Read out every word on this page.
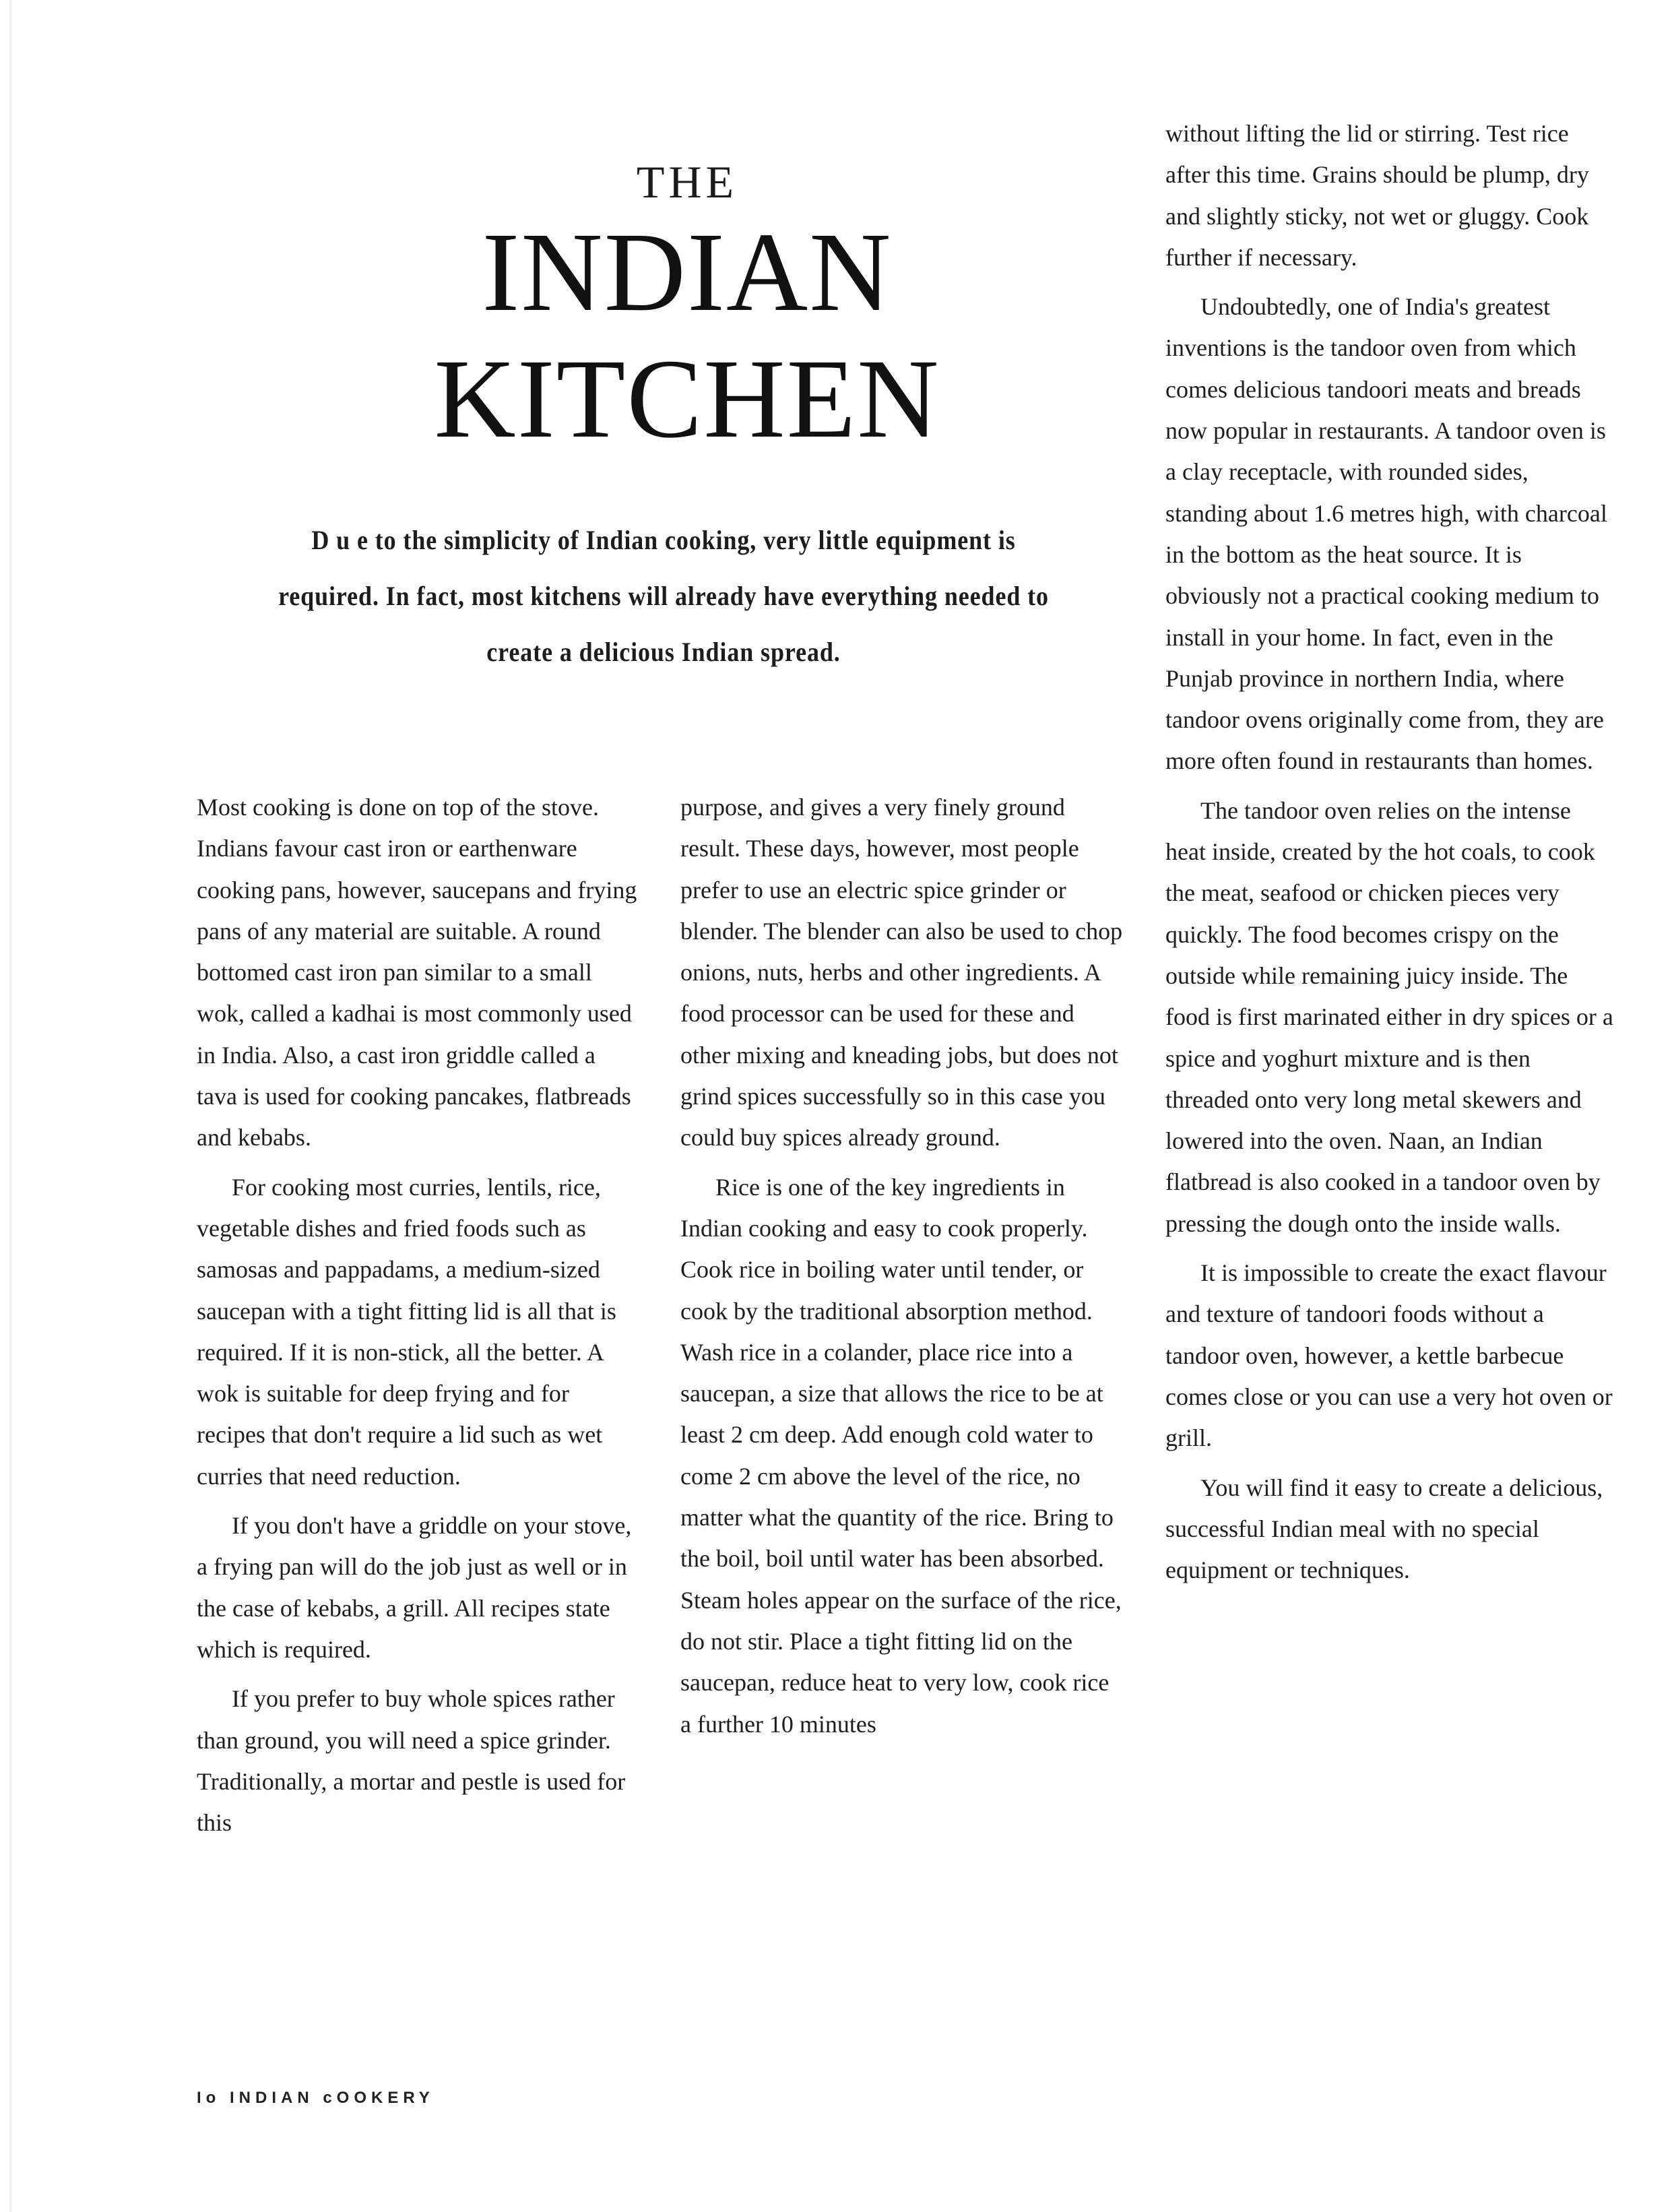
THE
INDIAN
KITCHEN
D u e to the simplicity of Indian cooking, very little equipment is required. In fact, most kitchens will already have everything needed to create a delicious Indian spread.

Most cooking is done on top of the stove. Indians favour cast iron or earthenware cooking pans, however, saucepans and frying pans of any material are suitable. A round bottomed cast iron pan similar to a small wok, called a kadhai is most commonly used in India. Also, a cast iron griddle called a tava is used for cooking pancakes, flatbreads and kebabs.

For cooking most curries, lentils, rice, vegetable dishes and fried foods such as samosas and pappadams, a medium-sized saucepan with a tight fitting lid is all that is required. If it is non-stick, all the better. A wok is suitable for deep frying and for recipes that don't require a lid such as wet curries that need reduction.

If you don't have a griddle on your stove, a frying pan will do the job just as well or in the case of kebabs, a grill. All recipes state which is required.

If you prefer to buy whole spices rather than ground, you will need a spice grinder. Traditionally, a mortar and pestle is used for this

purpose, and gives a very finely ground result. These days, however, most people prefer to use an electric spice grinder or blender. The blender can also be used to chop onions, nuts, herbs and other ingredients. A food processor can be used for these and other mixing and kneading jobs, but does not grind spices successfully so in this case you could buy spices already ground.

Rice is one of the key ingredients in Indian cooking and easy to cook properly. Cook rice in boiling water until tender, or cook by the traditional absorption method. Wash rice in a colander, place rice into a saucepan, a size that allows the rice to be at least 2 cm deep. Add enough cold water to come 2 cm above the level of the rice, no matter what the quantity of the rice. Bring to the boil, boil until water has been absorbed. Steam holes appear on the surface of the rice, do not stir. Place a tight fitting lid on the saucepan, reduce heat to very low, cook rice a further 10 minutes

without lifting the lid or stirring. Test rice after this time. Grains should be plump, dry and slightly sticky, not wet or gluggy. Cook further if necessary.

Undoubtedly, one of India's greatest inventions is the tandoor oven from which comes delicious tandoori meats and breads now popular in restaurants. A tandoor oven is a clay receptacle, with rounded sides, standing about 1.6 metres high, with charcoal in the bottom as the heat source. It is obviously not a practical cooking medium to install in your home. In fact, even in the Punjab province in northern India, where tandoor ovens originally come from, they are more often found in restaurants than homes.

The tandoor oven relies on the intense heat inside, created by the hot coals, to cook the meat, seafood or chicken pieces very quickly. The food becomes crispy on the outside while remaining juicy inside. The food is first marinated either in dry spices or a spice and yoghurt mixture and is then threaded onto very long metal skewers and lowered into the oven. Naan, an Indian flatbread is also cooked in a tandoor oven by pressing the dough onto the inside walls.

It is impossible to create the exact flavour and texture of tandoori foods without a tandoor oven, however, a kettle barbecue comes close or you can use a very hot oven or grill.

You will find it easy to create a delicious, successful Indian meal with no special equipment or techniques.

Io INDIAN cOOKERY
